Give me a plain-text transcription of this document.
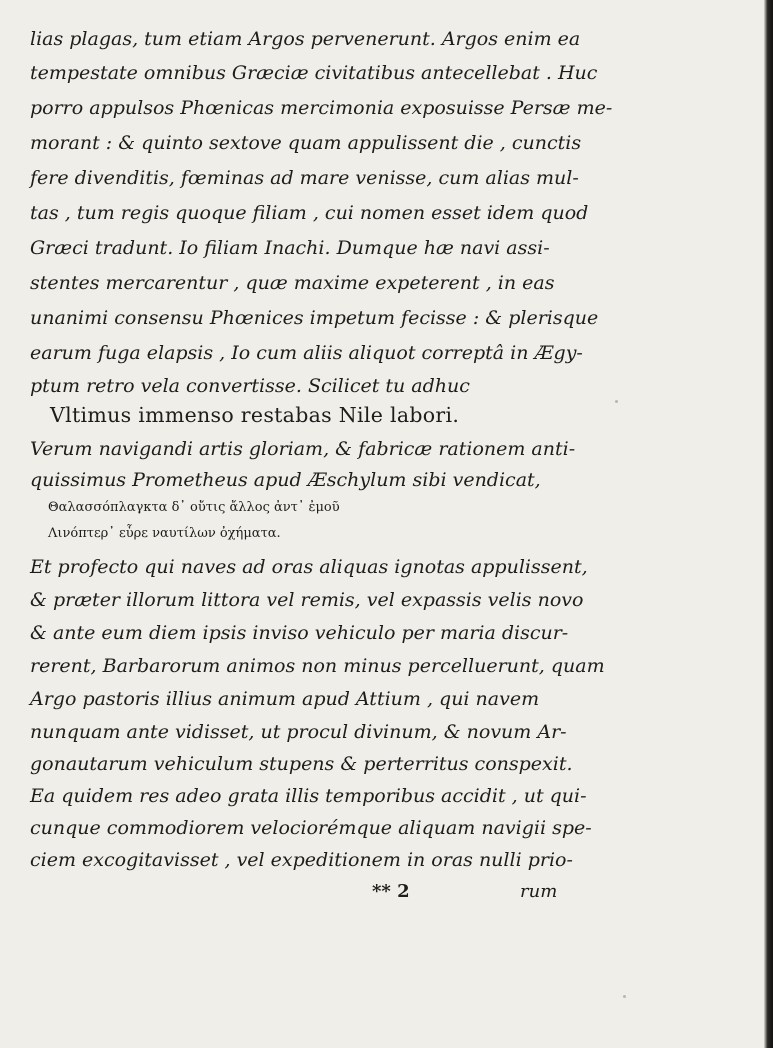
lias plagas, tum etiam Argos pervenerunt. Argos enim ea
tempestate omnibus Græciæ civitatibus antecellebat . Huc
porro appulsos Phœnicas mercimonia exposuisse Persæ me-
morant : & quinto sextove quam appulissent die , cunctis
fere divenditis, fœminas ad mare venisse, cum alias mul-
tas , tum regis quoque filiam , cui nomen esset idem quod
Græci tradunt. Io filiam Inachi. Dumque hæ navi assi-
stentes mercarentur , quæ maxime expeterent , in eas
unanimi consensu Phœnices impetum fecisse : & plerisque
earum fuga elapsis , Io cum aliis aliquot correptâ in Ægy-
ptum retro vela convertisse. Scilicet tu adhuc
Vltimus immenso restabas Nile labori.
Verum navigandi artis gloriam, & fabricæ rationem anti-
quissimus Prometheus apud Æschylum sibi vendicat,
Θαλασσόπλαγκτα δ᾽ οὔτις ἄλλος ἀντ᾽ ἐμοῦ
Λινόπτερ᾽ εὗρε ναυτίλων ὀχήματα.
Et profecto qui naves ad oras aliquas ignotas appulissent,
& præter illorum littora vel remis, vel expassis velis novo
& ante eum diem ipsis inviso vehiculo per maria discur-
rerent, Barbarorum animos non minus percelluerunt, quam
Argo pastoris illius animum apud Attium , qui navem
nunquam ante vidisset, ut procul divinum, & novum Ar-
gonautarum vehiculum stupens & perterritus conspexit.
Ea quidem res adeo grata illis temporibus accidit , ut qui-
cunque commodiorem velociorémque aliquam navigii spe-
ciem excogitavisset , vel expeditionem in oras nulli prio-
** 2	rum
